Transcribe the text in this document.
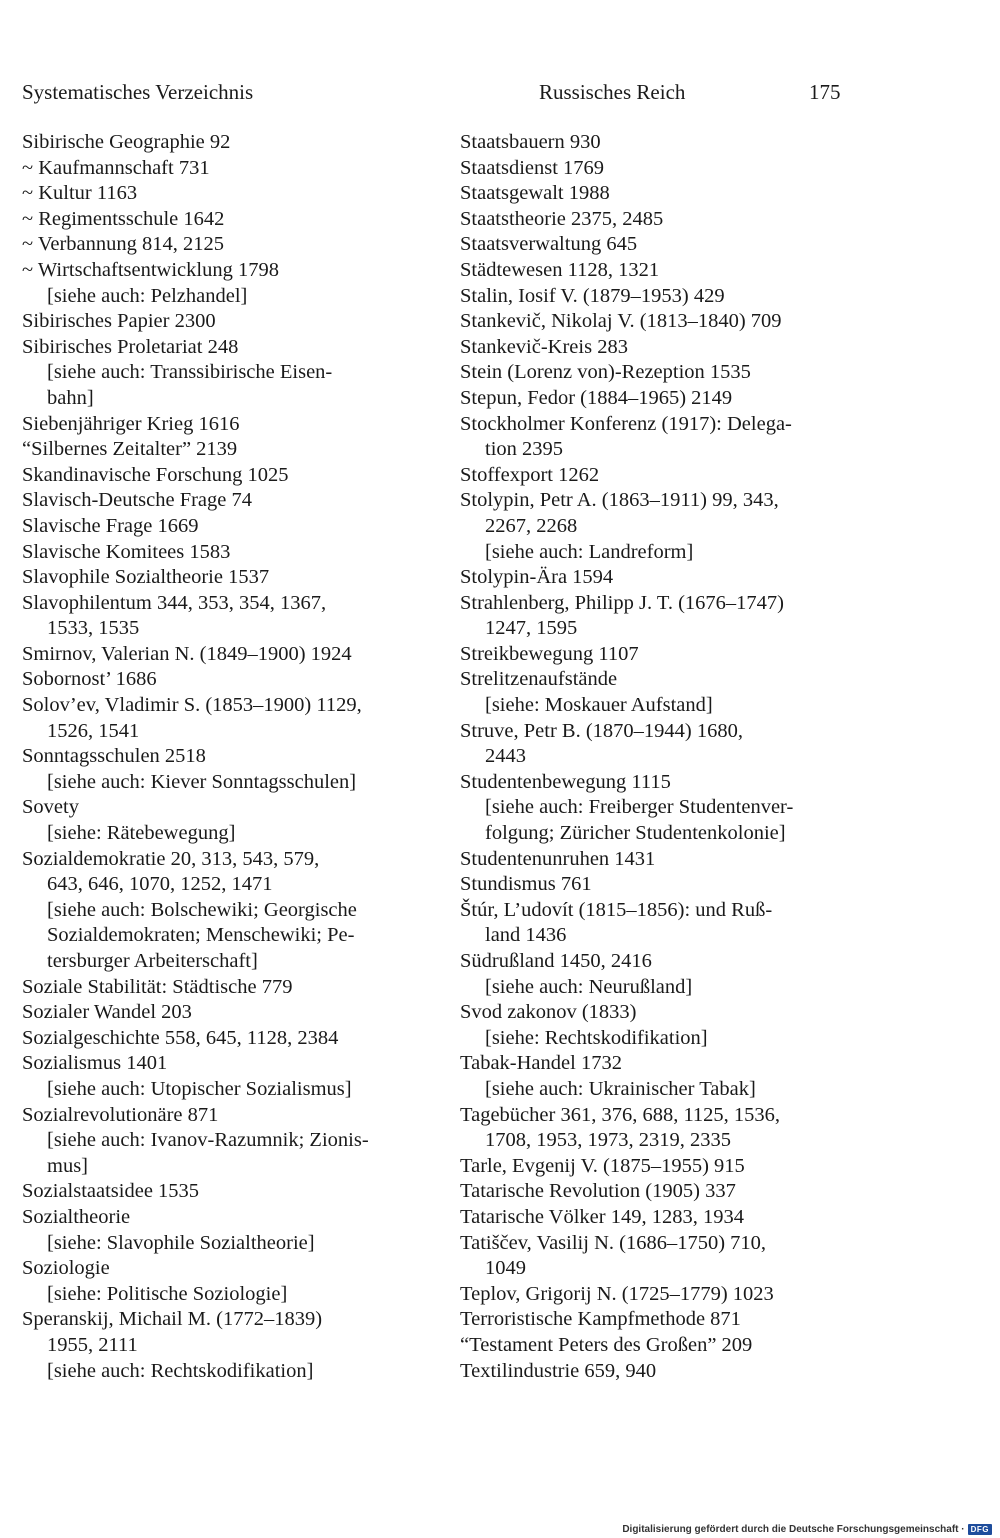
Systematisches Verzeichnis	Russisches Reich	175
Sibirische Geographie 92
~ Kaufmannschaft 731
~ Kultur 1163
~ Regimentsschule 1642
~ Verbannung 814, 2125
~ Wirtschaftsentwicklung 1798
[siehe auch: Pelzhandel]
Sibirisches Papier 2300
Sibirisches Proletariat 248
[siehe auch: Transsibirische Eisen-
bahn]
Siebenjähriger Krieg 1616
“Silbernes Zeitalter” 2139
Skandinavische Forschung 1025
Slavisch-Deutsche Frage 74
Slavische Frage 1669
Slavische Komitees 1583
Slavophile Sozialtheorie 1537
Slavophilentum 344, 353, 354, 1367,
1533, 1535
Smirnov, Valerian N. (1849–1900) 1924
Sobornost’ 1686
Solov’ev, Vladimir S. (1853–1900) 1129,
1526, 1541
Sonntagsschulen 2518
[siehe auch: Kiever Sonntagsschulen]
Sovety
[siehe: Rätebewegung]
Sozialdemokratie 20, 313, 543, 579,
643, 646, 1070, 1252, 1471
[siehe auch: Bolschewiki; Georgische
Sozialdemokraten; Menschewiki; Pe-
tersburger Arbeiterschaft]
Soziale Stabilität: Städtische 779
Sozialer Wandel 203
Sozialgeschichte 558, 645, 1128, 2384
Sozialismus 1401
[siehe auch: Utopischer Sozialismus]
Sozialrevolutionäre 871
[siehe auch: Ivanov-Razumnik; Zionis-
mus]
Sozialstaatsidee 1535
Sozialtheorie
[siehe: Slavophile Sozialtheorie]
Soziologie
[siehe: Politische Soziologie]
Speranskij, Michail M. (1772–1839)
1955, 2111
[siehe auch: Rechtskodifikation]
Staatsbauern 930
Staatsdienst 1769
Staatsgewalt 1988
Staatstheorie 2375, 2485
Staatsverwaltung 645
Städtewesen 1128, 1321
Stalin, Iosif V. (1879–1953) 429
Stankevič, Nikolaj V. (1813–1840) 709
Stankevič-Kreis 283
Stein (Lorenz von)-Rezeption 1535
Stepun, Fedor (1884–1965) 2149
Stockholmer Konferenz (1917): Delega-
tion 2395
Stoffexport 1262
Stolypin, Petr A. (1863–1911) 99, 343,
2267, 2268
[siehe auch: Landreform]
Stolypin-Ära 1594
Strahlenberg, Philipp J. T. (1676–1747)
1247, 1595
Streikbewegung 1107
Strelitzenaufstände
[siehe: Moskauer Aufstand]
Struve, Petr B. (1870–1944) 1680,
2443
Studentenbewegung 1115
[siehe auch: Freiberger Studentenver-
folgung; Züricher Studentenkolonie]
Studentenunruhen 1431
Stundismus 761
Štúr, L’udovít (1815–1856): und Ruß-
land 1436
Südrußland 1450, 2416
[siehe auch: Neurußland]
Svod zakonov (1833)
[siehe: Rechtskodifikation]
Tabak-Handel 1732
[siehe auch: Ukrainischer Tabak]
Tagebücher 361, 376, 688, 1125, 1536,
1708, 1953, 1973, 2319, 2335
Tarle, Evgenij V. (1875–1955) 915
Tatarische Revolution (1905) 337
Tatarische Völker 149, 1283, 1934
Tatiščev, Vasilij N. (1686–1750) 710,
1049
Teplov, Grigorij N. (1725–1779) 1023
Terroristische Kampfmethode 871
“Testament Peters des Großen” 209
Textilindustrie 659, 940
Digitalisierung gefördert durch die Deutsche Forschungsgemeinschaft · DFG
